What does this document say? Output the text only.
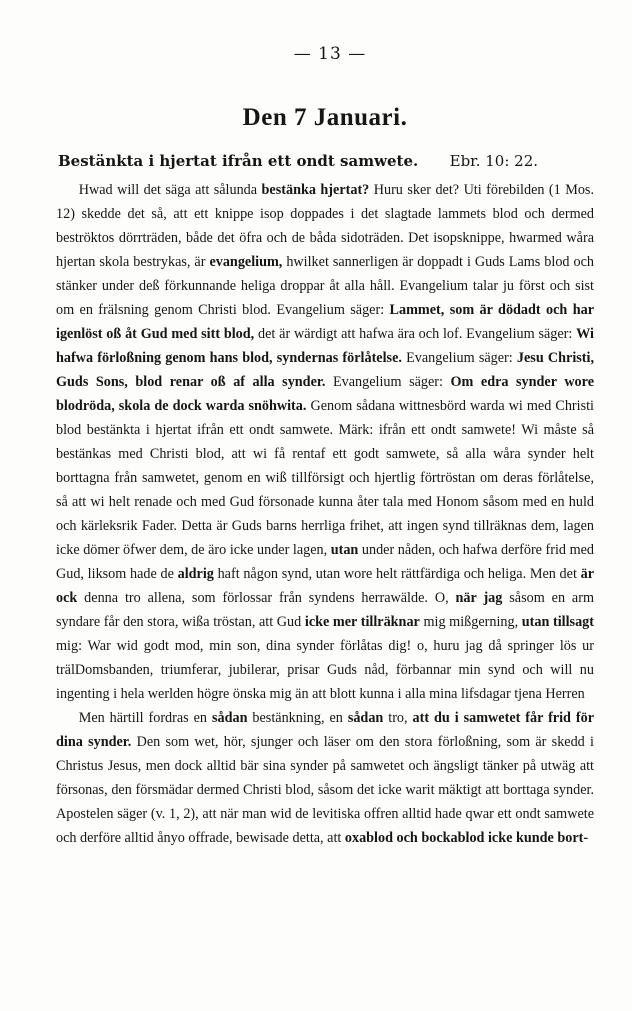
— 13 —
Den 7 Januari.
Bestänkta i hjertat ifrån ett ondt samwete. Ebr. 10: 22.

Hwad will det säga att sålunda bestänka hjertat? Huru sker det? Uti förebilden (1 Mos. 12) skedde det så, att ett knippe isop doppades i det slagtade lammets blod och dermed beströktos dörrträden, både det öfra och de båda sidoträden. Det isopsknippe, hwarmed wåra hjertan skola bestrykas, är evangelium, hwilket sannerligen är doppadt i Guds Lams blod och stänker under deß förkunnande heliga droppar åt alla håll. Evangelium talar ju först och sist om en frälsning genom Christi blod. Evangelium säger: Lammet, som är dödadt och har igenlöst oß åt Gud med sitt blod, det är wärdigt att hafwa ära och lof. Evangelium säger: Wi hafwa förloßning genom hans blod, syndernas förlåtelse. Evangelium säger: Jesu Christi, Guds Sons, blod renar oß af alla synder. Evangelium säger: Om edra synder wore blodröda, skola de dock warda snöhwita. Genom sådana wittnesbörd warda wi med Christi blod bestänkta i hjertat ifrån ett ondt samwete. Märk: ifrån ett ondt samwete! Wi måste så bestänkas med Christi blod, att wi få rentaf ett godt samwete, så alla wåra synder helt borttagna från samwetet, genom en wiß tillförsigt och hjertlig förtröstan om deras förlåtelse, så att wi helt renade och med Gud försonade kunna åter tala med Honom såsom med en huld och kärleksrik Fader. Detta är Guds barns herrliga frihet, att ingen synd tillräknas dem, lagen icke dömer öfwer dem, de äro icke under lagen, utan under nåden, och hafwa derföre frid med Gud, liksom hade de aldrig haft någon synd, utan wore helt rättfärdiga och heliga. Men det är ock denna tro allena, som förlossar från syndens herrawälde. O, när jag såsom en arm syndare får den stora, wißa tröstan, att Gud icke mer tillräknar mig mißgerning, utan tillsagt mig: War wid godt mod, min son, dina synder förlåtas dig! o, huru jag då springer lös ur trälDomsbanden, triumferar, jubilerar, prisar Guds nåd, förbannar min synd och will nu ingenting i hela werlden högre önska mig än att blott kunna i alla mina lifsdagar tjena Herren

Men härtill fordras en sådan bestänkning, en sådan tro, att du i samwetet får frid för dina synder. Den som wet, hör, sjunger och läser om den stora förloßning, som är skedd i Christus Jesus, men dock alltid bär sina synder på samwetet och ängsligt tänker på utwäg att försonas, den försmädar dermed Christi blod, såsom det icke warit mäktigt att borttaga synder. Apostelen säger (v. 1, 2), att när man wid de levitiska offren alltid hade qwar ett ondt samwete och derföre alltid ånyo offrade, bewisade detta, att oxablod och bockablod icke kunde bort-
